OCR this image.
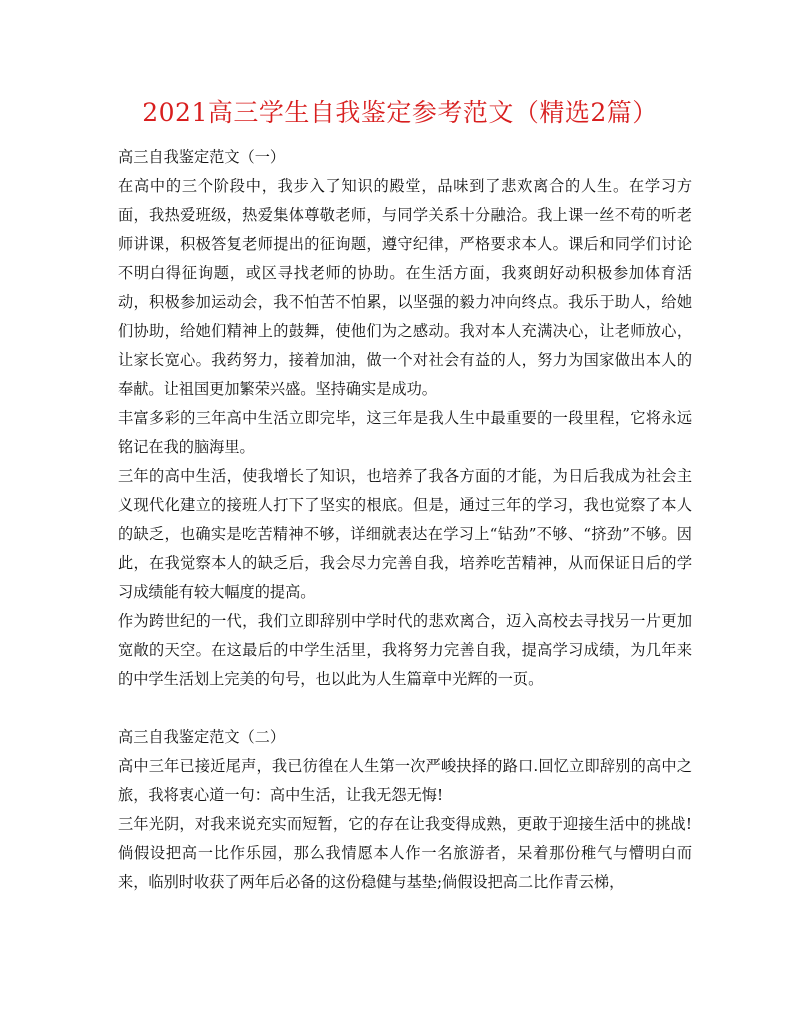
2021高三学生自我鉴定参考范文（精选2篇）

高三自我鉴定范文（一）

在高中的三个阶段中，我步入了知识的殿堂，品味到了悲欢离合的人生。在学习方面，我热爱班级，热爱集体尊敬老师，与同学关系十分融洽。我上课一丝不苟的听老师讲课，积极答复老师提出的征询题，遵守纪律，严格要求本人。课后和同学们讨论不明白得征询题，或区寻找老师的协助。在生活方面，我爽朗好动积极参加体育活动，积极参加运动会，我不怕苦不怕累，以坚强的毅力冲向终点。我乐于助人，给她们协助，给她们精神上的鼓舞，使他们为之感动。我对本人充满决心，让老师放心，让家长宽心。我药努力，接着加油，做一个对社会有益的人，努力为国家做出本人的奉献。让祖国更加繁荣兴盛。坚持确实是成功。

丰富多彩的三年高中生活立即完毕，这三年是我人生中最重要的一段里程，它将永远铭记在我的脑海里。

三年的高中生活，使我增长了知识，也培养了我各方面的才能，为日后我成为社会主义现代化建立的接班人打下了坚实的根底。但是，通过三年的学习，我也觉察了本人的缺乏，也确实是吃苦精神不够，详细就表达在学习上“钻劲”不够、“挤劲”不够。因此，在我觉察本人的缺乏后，我会尽力完善自我，培养吃苦精神，从而保证日后的学习成绩能有较大幅度的提高。

作为跨世纪的一代，我们立即辞别中学时代的悲欢离合，迈入高校去寻找另一片更加宽敞的天空。在这最后的中学生活里，我将努力完善自我，提高学习成绩，为几年来的中学生活划上完美的句号，也以此为人生篇章中光辉的一页。

高三自我鉴定范文（二）

高中三年已接近尾声，我已彷徨在人生第一次严峻抉择的路口.回忆立即辞别的高中之旅，我将衷心道一句：高中生活，让我无怨无悔!

三年光阴，对我来说充实而短暂，它的存在让我变得成熟，更敢于迎接生活中的挑战!倘假设把高一比作乐园，那么我情愿本人作一名旅游者，呆着那份稚气与懵明白而来，临别时收获了两年后必备的这份稳健与基垫;倘假设把高二比作青云梯，
